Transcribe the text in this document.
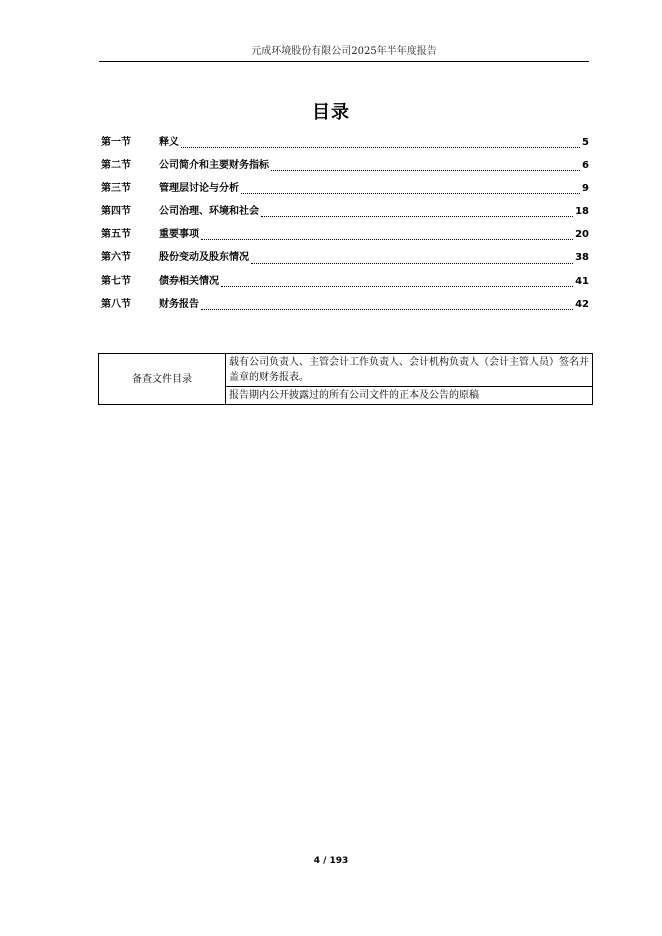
元成环境股份有限公司2025年半年度报告
目录
第一节	释义	5
第二节	公司简介和主要财务指标	6
第三节	管理层讨论与分析	9
第四节	公司治理、环境和社会	18
第五节	重要事项	20
第六节	股份变动及股东情况	38
第七节	债券相关情况	41
第八节	财务报告	42
备查文件目录	载有公司负责人、主管会计工作负责人、会计机构负责人（会计主管人员）签名并盖章的财务报表。
报告期内公开披露过的所有公司文件的正本及公告的原稿
4 / 193
